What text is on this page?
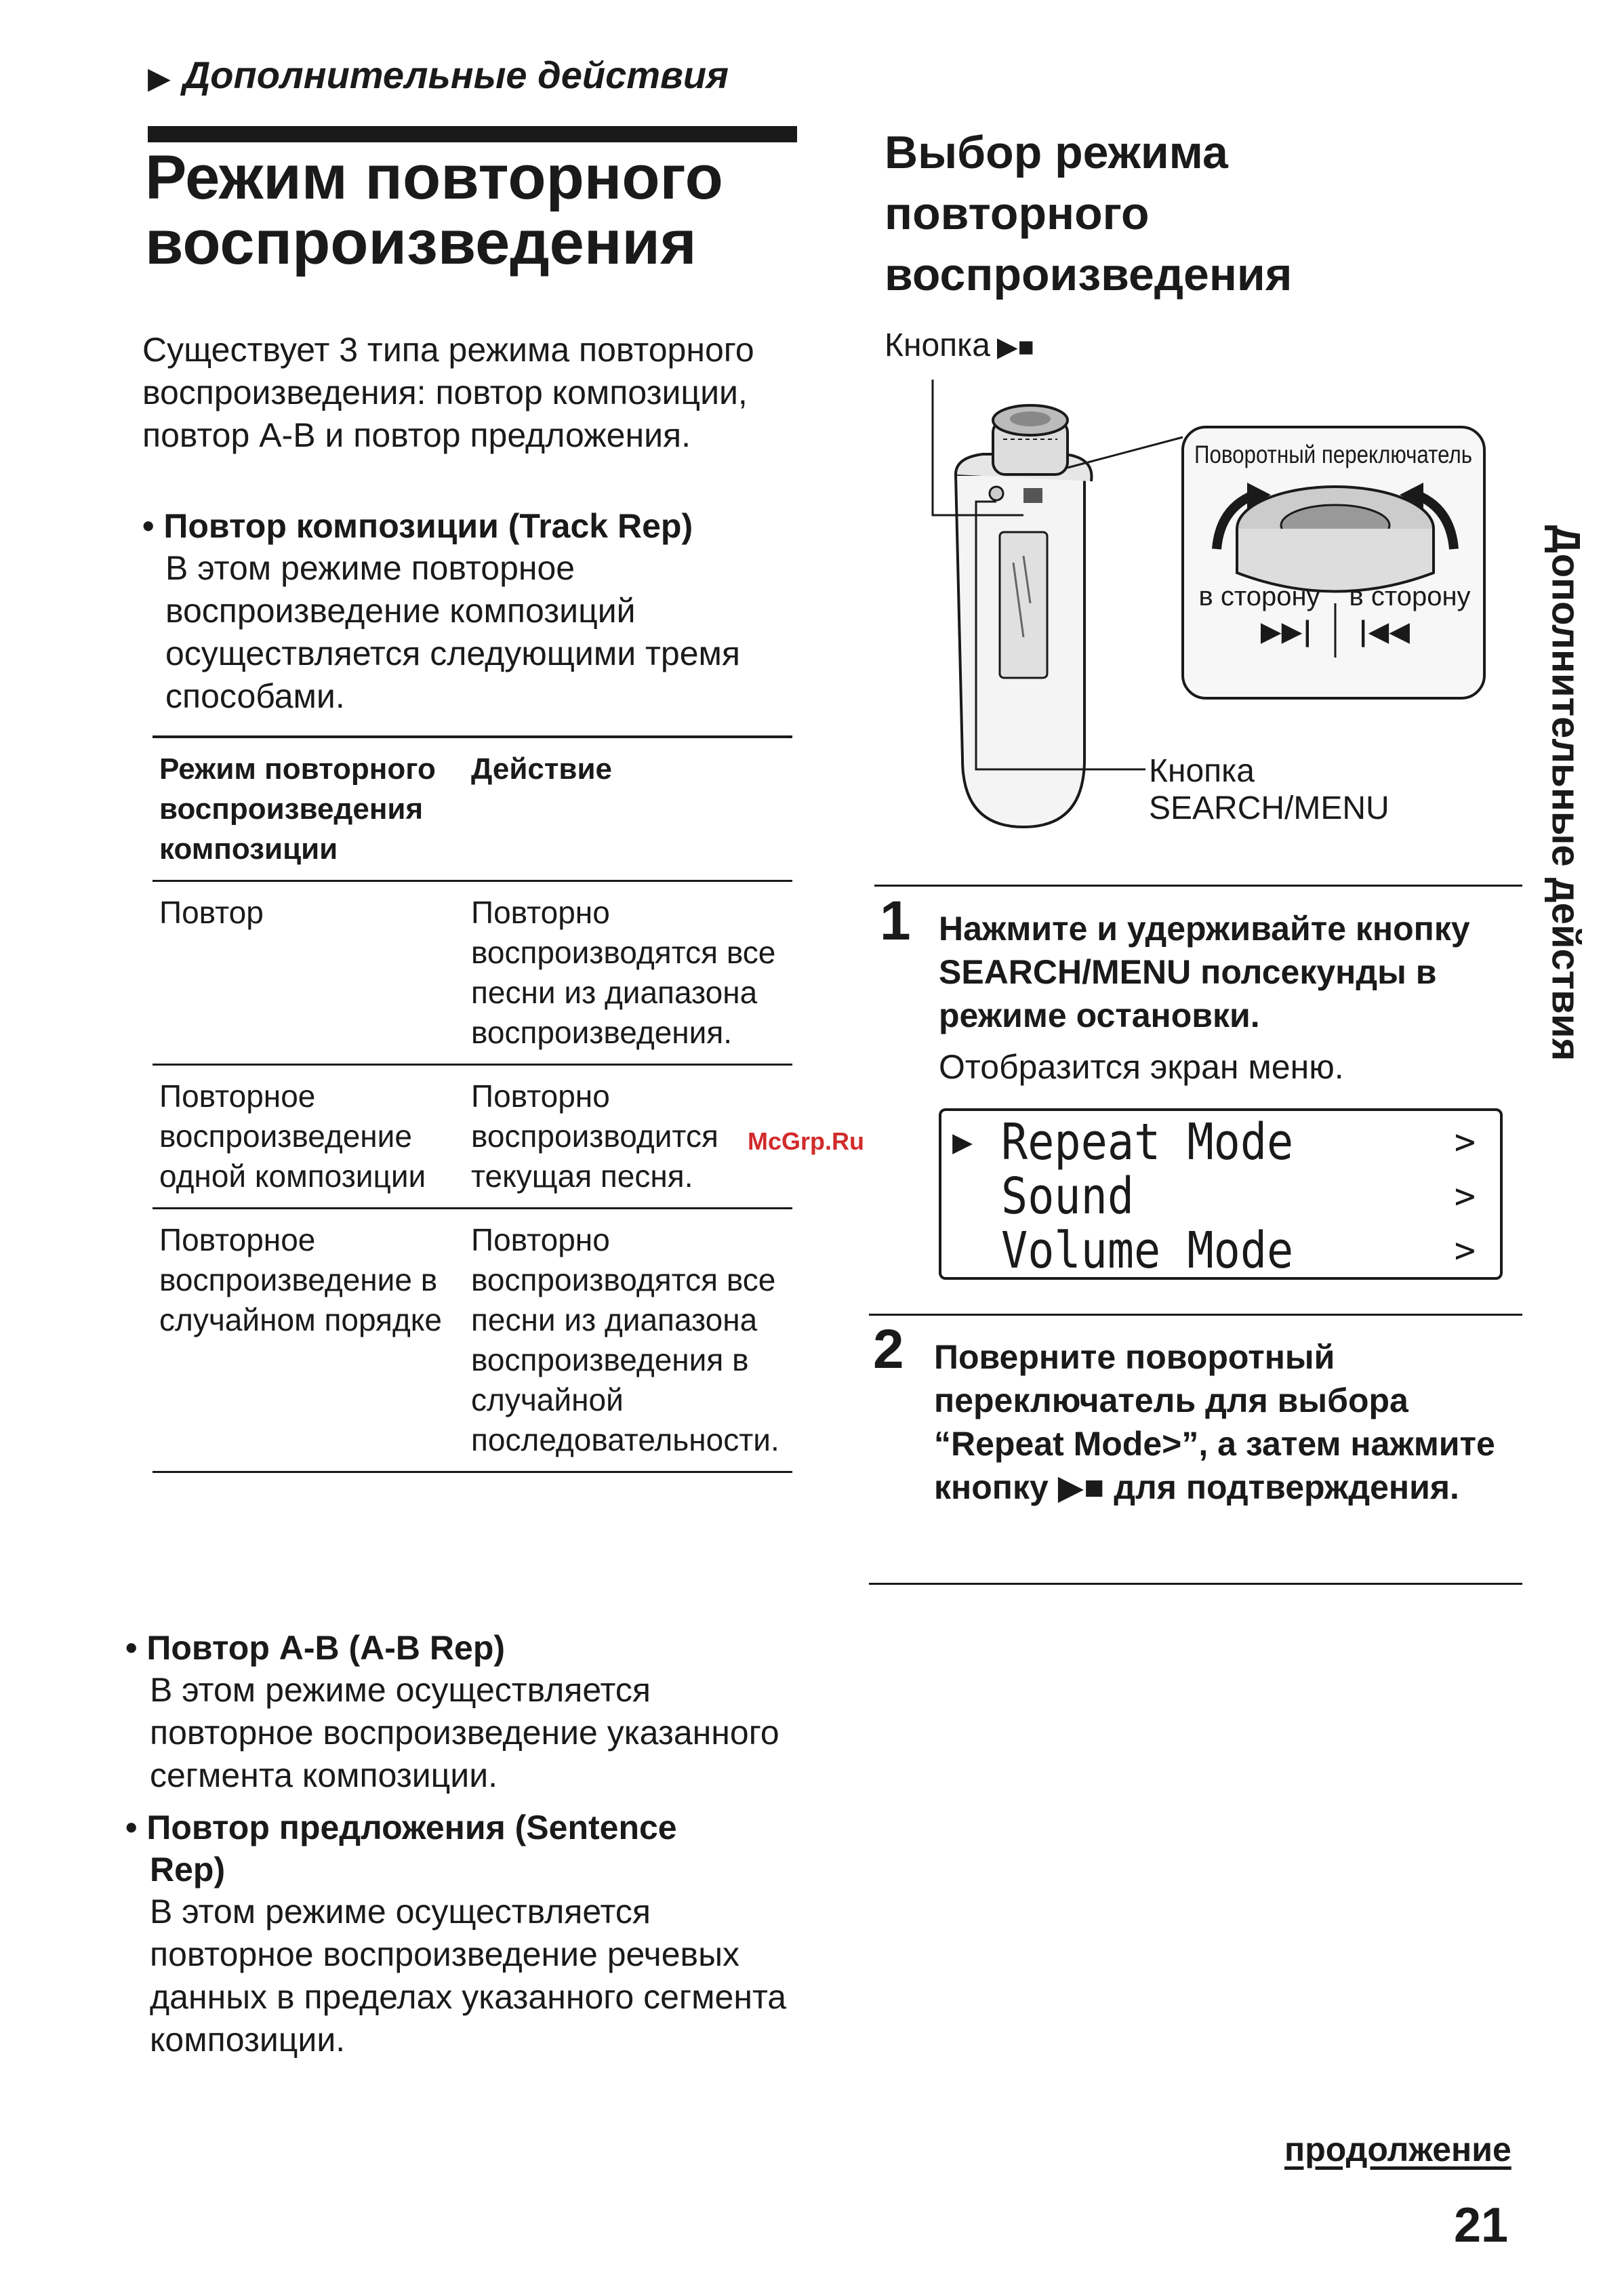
▶ Дополнительные действия
Режим повторного
воспроизведения
Существует 3 типа режима повторного воспроизведения: повтор композиции, повтор A-B и повтор предложения.
• Повтор композиции (Track Rep)
В этом режиме повторное воспроизведение композиций осуществляется следующими тремя способами.
Режим повторного воспроизведения композиции	Действие
Повтор	Повторно воспроизводятся все песни из диапазона воспроизведения.
Повторное воспроизведение одной композиции	Повторно воспроизводится текущая песня.
Повторное воспроизведение в случайном порядке	Повторно воспроизводятся все песни из диапазона воспроизведения в случайной последовательности.
• Повтор A-B (A-B Rep)
В этом режиме осуществляется повторное воспроизведение указанного сегмента композиции.
• Повтор предложения (Sentence
Rep)
В этом режиме осуществляется повторное воспроизведение речевых данных в пределах указанного сегмента композиции.
Выбор режима
повторного
воспроизведения
Кнопка ▶■
Поворотный переключатель
в сторону в сторону
▶▶| |◀◀
Кнопка
SEARCH/MENU
1 Нажмите и удерживайте кнопку SEARCH/MENU полсекунды в режиме остановки.
Отобразится экран меню.
▶ Repeat Mode	>
Sound	>
Volume Mode	>
2 Поверните поворотный переключатель для выбора “Repeat Mode>”, а затем нажмите кнопку ▶■ для подтверждения.
Дополнительные действия
McGrp.Ru
продолжение
21
